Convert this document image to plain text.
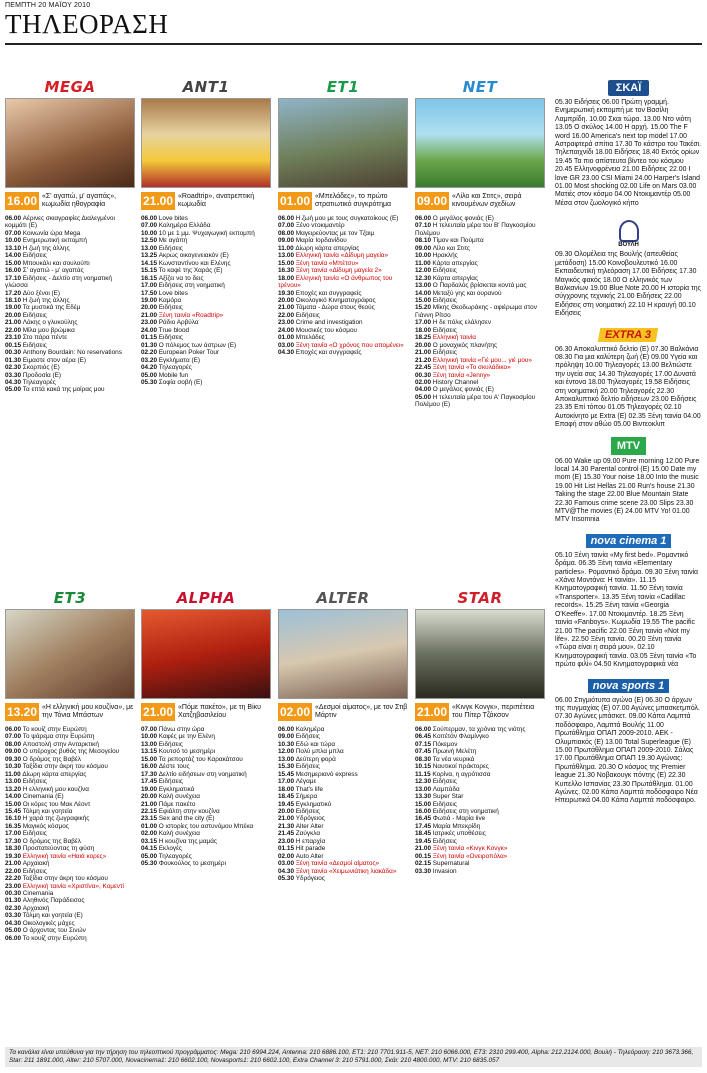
ΠΕΜΠΤΗ 20 ΜΑΪΟΥ 2010
ΤΗΛΕΟΡΑΣΗ
MEGA
16.00 «Σ' αγαπώ, μ' αγαπάς», κωμωδία ηθογραφία
06.00 Αέρινες σκιαγραφίες Διαλεγμένοι κομμάτι (Ε)
07.00 Κοινωνία ώρα Mega
10.00 Ενημερωτική εκπομπή
13.10 Η ζωή της άλλης
14.00 Ειδήσεις
15.00 Μπουκάλι και σουλούπι
16.00 Σ' αγαπώ - μ' αγαπάς
17.10 Ειδήσεις - Δελτίο στη νοηματική γλώσσα
17.20 Δύο ξένοι (Ε)
18.10 Η ζωή της άλλης
19.00 Τα μυστικά της Εδέμ
20.00 Ειδήσεις
21.00 Λάκης ο γλυκούλης
22.00 Μίλα μου βρώμικα
23.10 Στο πάρα πέντε
00.15 Ειδήσεις
00.30 Anthony Bourdain: No reservations
01.30 Ειμαστε στον αέρα (Ε)
02.30 Σκορπιός (Ε)
03.30 Προδοσία (Ε)
04.30 Τηλεαγορές
05.00 Τα επτά κακά της μοίρας μου
ANT1
21.00 «Roadtrip», ανατρεπτική κωμωδία
06.00 Love bites
07.00 Καλημέρα Ελλάδα
10.00 10 με 1 μμ. Ψυχαγωγική εκπομπή
12.50 Με αγάπη
13.00 Ειδήσεις
13.25 Ακρως οικογενειακόν (Ε)
14.15 Κωνσταντίνου και Ελένης
15.15 Το καφέ της Χαράς (Ε)
16.15 Αξίζει να το δεις
17.00 Ειδήσεις στη νοηματική
17.50 Love bites
19.00 Καμόρα
20.00 Ειδήσεις
21.00 Ξένη ταινία «Roadtrip»
23.00 Ράδιο Αρβύλα
24.00 True blood
01.15 Ειδήσεις
01.30 Ο πόλεμος των άστρων (Ε)
02.20 European Poker Tour
03.20 Εγκλήματα (Ε)
04.20 Τηλεαγορές
05.00 Mobile fun
05.30 Σοφία σοβή (Ε)
ET1
01.00 «Μπελάδες», το πρώτο στρατιωτικό συγκρότημα
06.00 Η ζωή μου με τους συγκατοίκους (Ε)
07.00 Ξένο ντοκιμαντέρ
08.00 Μαγειρεύοντας με τον Τζαιμ
09.00 Μαρία Ιορδανίδου
11.00 Δίωρη κάρτα απεργίας
13.00 Ελληνική ταινία «Δίδυμη μαγεία»
15.00 Ξένη ταινία «Μπέτσυ»
16.30 Ξένη ταινία «Δίδυμη μαγεία 2»
18.00 Ελληνική ταινία «Ο άνθρωπος του τρένου»
19.30 Εποχές και συγγραφείς
20.00 Οικολογικό Κινηματογράφος
21.00 Τάματα - Δώρα στους θεούς
22.00 Ειδήσεις
23.00 Crime and investigation
24.00 Μουσικές του κόσμου
01.00 Μπελάδες
03.00 Ξένη ταινία «Ο χρόνος που απομένει»
04.30 Εποχές και συγγραφείς
NET
09.00 «Λίλο και Στιτς», σειρά κινουμένων σχεδίων
06.00 Ο μεγάλος φονιάς (Ε)
07.10 Η τελευταία μέρα του Β' Παγκοσμίου Πολέμου
08.10 Τίμον και Πούμπα
09.00 Λίλο και Στιτς
10.00 Ηρακλής
11.00 Κάρτα απεργίας
12.00 Ειδήσεις
12.30 Κάρτα απεργίας
13.00 Ο Παρδαλός βρίσκεται κοντά μας
14.00 Μεταξύ γης και ουρανού
15.00 Ειδήσεις
15.20 Μίκης Θεοδωράκης - αφιέρωμα στον Γιάννη Ρίτσο
17.00 Η δε πόλις ελάλησεν
18.00 Ειδήσεις
18.25 Ελληνική ταινία
20.00 Ο μοναχικός πλανήτης
21.00 Ειδήσεις
21.20 Ελληνική ταινία «Γιέ μου... γιέ μου»
22.45 Ξένη ταινία «Το σκυλάδικο»
00.30 Ξένη ταινία «Jenny»
02.00 History Channel
04.00 Ο μεγάλος φονιάς (Ε)
05.00 Η τελευταία μέρα του Α' Παγκοσμίου Πολέμου (Ε)
ΕΤ3
13.20 «Η ελληνική μου κουζίνα», με την Τόνια Μπάστων
06.00 Το κουίζ στην Ευρώπη
07.00 Το ψάρεμα στην Ευρώπη
08.00 Αποστολή στην Ανταρκτική
09.00 Ο υπέροχος βυθός της Μεσογείου
09.30 Ο δρόμος της Βαβέλ
10.30 Ταξίδια στην άκρη του κόσμου
11.00 Δίωρη κάρτα απεργίας
13.00 Ειδήσεις
13.20 Η ελληνική μου κουζίνα
14.00 Cinemania (Ε)
15.00 Οι κόρες του Μακ Λέοντ
15.45 Τόλμη και γοητεία
16.10 Η χαρά της ζωγραφικής
16.35 Μαγικός κόσμος
17.00 Ειδήσεις
17.30 Ο δρόμος της Βαβέλ
18.30 Προστατεύοντας τη φύση
19.30 Ελληνική ταινία «Ηαιά κορες»
21.00 Αρχαιακή
22.00 Ειδήσεις
22.20 Ταξίδια στην άκρη του κόσμου
23.00 Ελληνική ταινία «Χριστίνα», Κομεντί
00.30 Cinemania
01.30 Αληθινός Παράδεισος
02.30 Αρχαιακή
03.30 Τόλμη και γοητεία (Ε)
04.30 Οικολογικές μάχες
05.00 Ο άρχοντας του Σινών
06.00 Το κουίζ στην Ευρώπη
ALPHA
21.00 «Πόμε πακέτο», με τη Βίκυ Χατζηβασιλείου
07.00 Πάνω στην ώρα
10.00 Καφές με την Ελένη
13.00 Ειδήσεις
13.15 Κουτσό το μεσημέρι
15.00 Τα ρεπορτάζ του Καρακάτσου
16.00 Δέστε τους
17.30 Δελτίο ειδήσεων στη νοηματική
17.45 Ειδήσεις
19.00 Εγκληματικά
20.00 Καλή συνέχεια
21.00 Πάμε πακέτο
22.15 Εφιάλτη στην κουζίνα
23.15 Sex and the city (Ε)
01.00 Ο ιστορίες του αστυνόμου Μπέκα
02.00 Καλή συνέχεια
03.15 Η κουζίνα της μαμάς
04.15 Εκλογές
05.00 Τηλεαγορές
05.30 Φουκούλος το μεσημέρι
ALTER
02.00 «Δεσμοί αίματος», με τον Στιβ Μάρτιν
06.00 Καλημέρα
09.00 Ειδήσεις
10.30 Εδώ και τώρα
12.00 Πολύ μπλα μπλα
13.00 Δεύτερη φορά
15.30 Ειδήσεις
15.45 Μεσημεριανό express
17.00 Λέγαμε
18.00 That's life
18.45 Σήμερα
19.45 Εγκληματικό
20.00 Ειδήσεις
21.00 Υδρόγειος
21.30 Alter Alter
21.45 Ζαύγκλα
23.00 Η επαρχία
01.15 Hit parade
02.00 Auto Alter
03.00 Ξένη ταινία «Δεσμοί αίματος»
04.30 Ξένη ταινία «Χειμωνιάτικη λιακάδα»
05.30 Υδρόγειος
STAR
21.00 «Κινγκ Κονγκ», περιπέτεια του Πίτερ Τζάκσον
06.00 Σούπερμαν, τα χρόνια της νιότης
06.45 Κοπέτάν Φλαμίνγκο
07.15 Πόκεμον
07.45 Πρωινή Μελέτη
08.30 Τα νέα νευρικά
10.15 Ναυτικοί πράκτορες
11.15 Κορίνα, η αγρότισσα
12.30 Ειδήσεις
13.00 Λαμπάδα
13.30 Super Star
15.00 Ειδήσεις
16.00 Ειδήσεις στη νοηματική
16.45 Φωτιά - Μαρία live
17.45 Μαρία Μπεκρίδη
18.45 Ιατρικές υποθέσεις
19.45 Ειδήσεις
21.00 Ξένη ταινία «Κινγκ Κονγκ»
00.15 Ξένη ταινία «Ονειροπόλα»
02.15 Supernatural
03.30 Invasion
ΣΚΑΪ
05.30 Ειδήσεις 06.00 Πρώτη γραμμή. Ενημερωτική εκπομπή με τον Βασίλη Λαμπρίδη. 10.00 Σκαι τώρα. 13.00 Ντο νιότη 13.05 Ο σκύλος 14.00 Η αρχή. 15.00 The F word 16.00 America's next top model 17.00 Αστραφτερά σπίτια 17.30 Το κάστρο του Τακέσι. Τηλεπαιχνίδι 18.00 Ειδήσεις 18.40 Εκτός ορίων 19.45 Τα πιο απίστευτα βίντεο του κόσμου 20.45 Ελληνοφρένεια 21.00 Ειδήσεις 22.00 I love GR 23.00 CSI Miami 24.00 Harper's Island 01.00 Most shocking 02.00 Life on Mars 03.00 Ματιές στον κόσμο 04.00 Ντοκιμαντέρ 05.00 Μέσα στον ζωολογικό κήπο
ΒΟΥΛΗ
09.30 Ολομέλεια της Βουλής (απευθείας μετάδοση) 15.00 Κοινοβουλευτικό 16.00 Εκπαιδευτική τηλεόραση 17.00 Ειδήσεις 17.30 Μαγικός φακός 18.00 Ο ελληνικός των Βαλκανίων 19.00 Blue Note 20.00 Η ιστορία της σύγχρονης τεχνικής 21.00 Ειδήσεις 22.00 Ειδήσεις στη νοηματική 22.10 Η κραυγή 00.10 Ειδήσεις
EXTRA 3
06.30 Αποκαλυπτικό δελτίο (Ε) 07.30 Βαλκάνια 08.30 Για μια καλύτερη ζωή (Ε) 09.00 Υγεία και πρόληψη 10.00 Τηλεαγορές 13.00 Βελτιώστε την υγεία σας 14.30 Τηλεαγορές 17.00 Δυνατά και έντονα 18.00 Τηλεαγορές 19.58 Ειδήσεις στη νοηματική 20.00 Τηλεαγορές 22.30 Αποκαλυπτικό δελτίο ειδήσεων 23.00 Ειδήσεις 23.35 Επί τόπου 01.05 Τηλεαγορές 02.10 Αυτοκίνητο με Extra (Ε) 02.35 Ξένη ταινία 04.00 Επαφή στον αθώο 05.00 Βιντεοκλιπ
MTV
06.00 Wake up 09.00 Pure morning 12.00 Pure local 14.30 Parental control (Ε) 15.00 Date my mom (Ε) 15.30 Your noise 18.00 Into the music 19.00 Hit List Hellas 21.00 Run's house 21.30 Taking the stage 22.00 Blue Mountain State 22.30 Famous crime scene 23.00 Slips 23.30 MTV@The movies (Ε) 24.00 MTV Yo! 01.00 MTV Insomnia
nova cinema 1
05.10 Ξένη ταινία «My first bed». Ρομαντικό δράμα. 06.35 Ξένη ταινία «Elementary particles». Ρομαντικό δράμα. 09.30 Ξένη ταινία «Χάνα Μοντάνα: Η ταινία». 11.15 Κινηματογραφική ταινία. 11.50 Ξένη ταινία «Transporter». 13.35 Ξένη ταινία «Cadillac records». 15.25 Ξένη ταινία «Georgia O'Keeffe». 17.00 Ντοκιμαντέρ. 18.25 Ξένη ταινία «Fanboys». Κωμωδία 19.55 The pacific 21.00 The pacific 22.00 Ξένη ταινία «Not my life». 22.50 Ξένη ταινία. 00.20 Ξένη ταινία «Τώρα είναι η σειρά μου». 02.10 Κινηματογραφική ταινία. 03.05 Ξένη ταινία «Το πρώτο φιλί» 04.50 Κινηματογραφικά νέα
nova sports 1
06.00 Στιγμιότυπα αγώνα (Ε) 06.30 Ο άρχων της πυγμαχίας (Ε) 07.00 Αγώνες μπασκετμπόλ. 07.30 Αγώνες μπάσκετ. 09.00 Κάπα Λαμπτά ποδόσφαιρο, Λαμπτά Βουλής 11.00 Πρωτάθλημα ΟΠΑΠ 2009-2010. ΑΕΚ - Ολυμπιακός (Ε) 13.00 Total Superleague (Ε) 15.00 Πρωτάθλημα ΟΠΑΠ 2009-2010. Σάλας 17.00 Πρωτάθλημα ΟΠΑΠ 19.30 Αγώνας: Πρωτάθλημα. 20.30 Ο κόσμος της Premier league 21.30 Νοβακουγκ πόντης (Ε) 22.30 Κυπελλο Ισπανίας 23.30 Πρωτάθλημα. 01.00 Αγώνες. 02.00 Κάπα Λαμπτά ποδόσφαιρο Νέα Ηπειρωτικά 04.00 Κάπα Λαμπτά ποδόσφαιρο.
Τα κανάλια είναι υπεύθυνα για την τήρηση του τηλεοπτικού προγράμματος: Mega: 210 6994.224, Antenna: 210 6886.100, ET1: 210 7701.911-5, NET: 210 6066.000, ET3: 2310 299.400, Alpha: 212.2124.000, Βουλή - Τηλεόραση: 210 3673.366, Star: 211 1891.000, Alter: 210 5707.000, Novacinema1: 210 6602.100, Novasports1: 210 6602.100, Extra Channel 3: 210 5791.000, Σκάι: 210 4800.000, MTV: 210 6835.057
